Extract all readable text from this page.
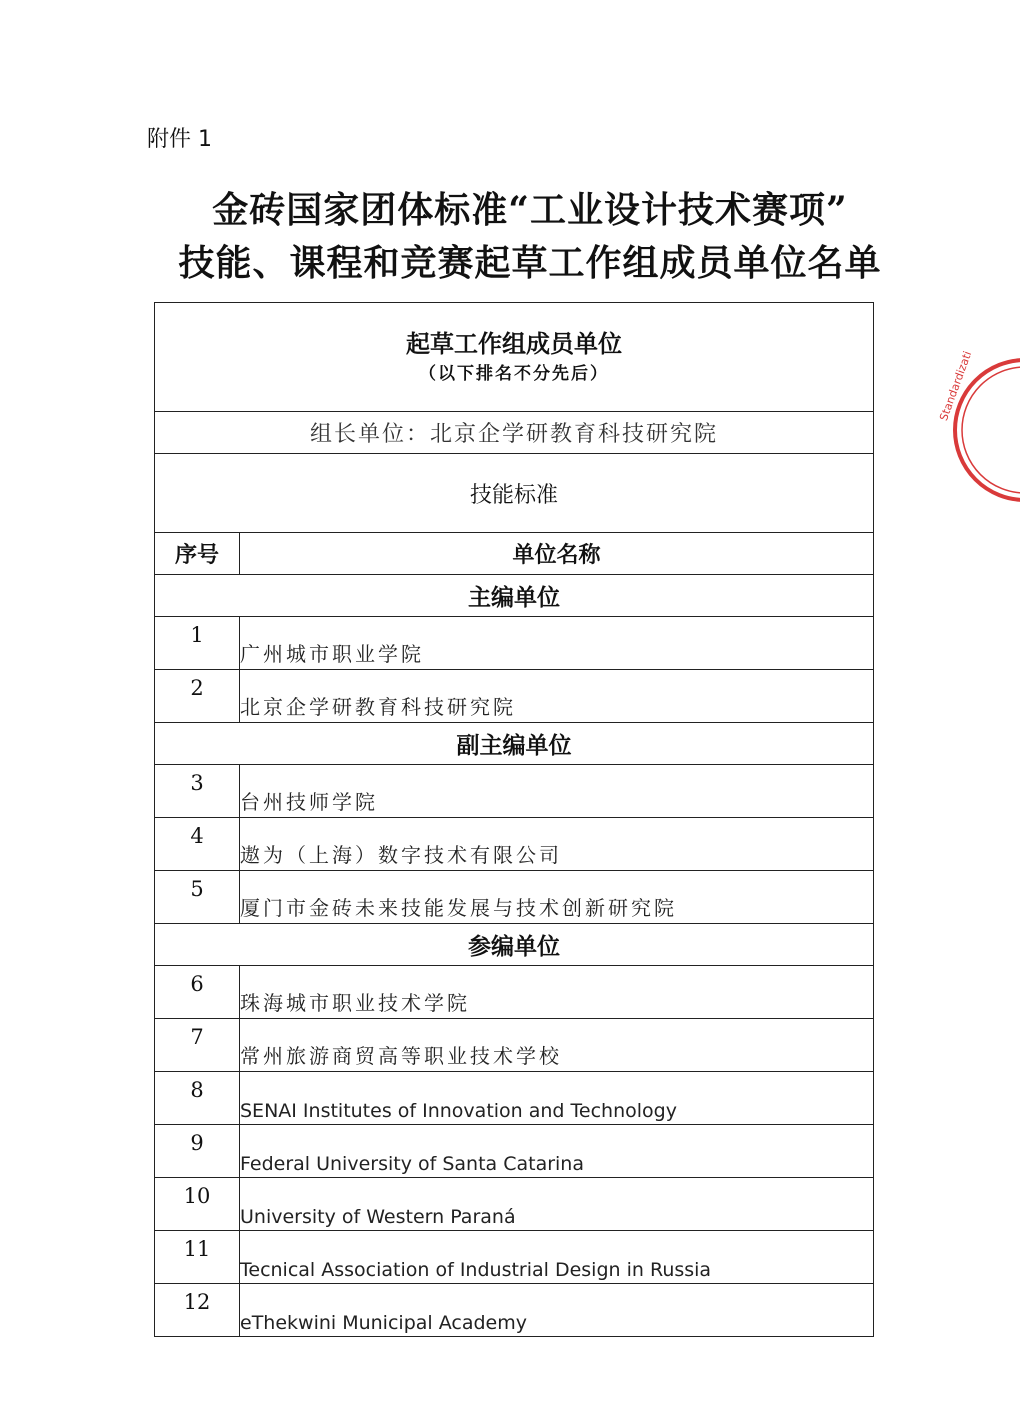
附件 1
金砖国家团体标准“工业设计技术赛项”
技能、课程和竞赛起草工作组成员单位名单
起草工作组成员单位
（以下排名不分先后）	

组长单位：北京企学研教育科技研究院	
技能标准	
序号	单位名称
主编单位	
1	广州城市职业学院
2	北京企学研教育科技研究院
副主编单位	
3	台州技师学院
4	遨为（上海）数字技术有限公司
5	厦门市金砖未来技能发展与技术创新研究院
参编单位	
6	珠海城市职业技术学院
7	常州旅游商贸高等职业技术学校
8	SENAI Institutes of Innovation and Technology
9	Federal University of Santa Catarina
10	University of Western Paraná
11	Tecnical Association of Industrial Design in Russia
12	eThekwini Municipal Academy
Standardizati
